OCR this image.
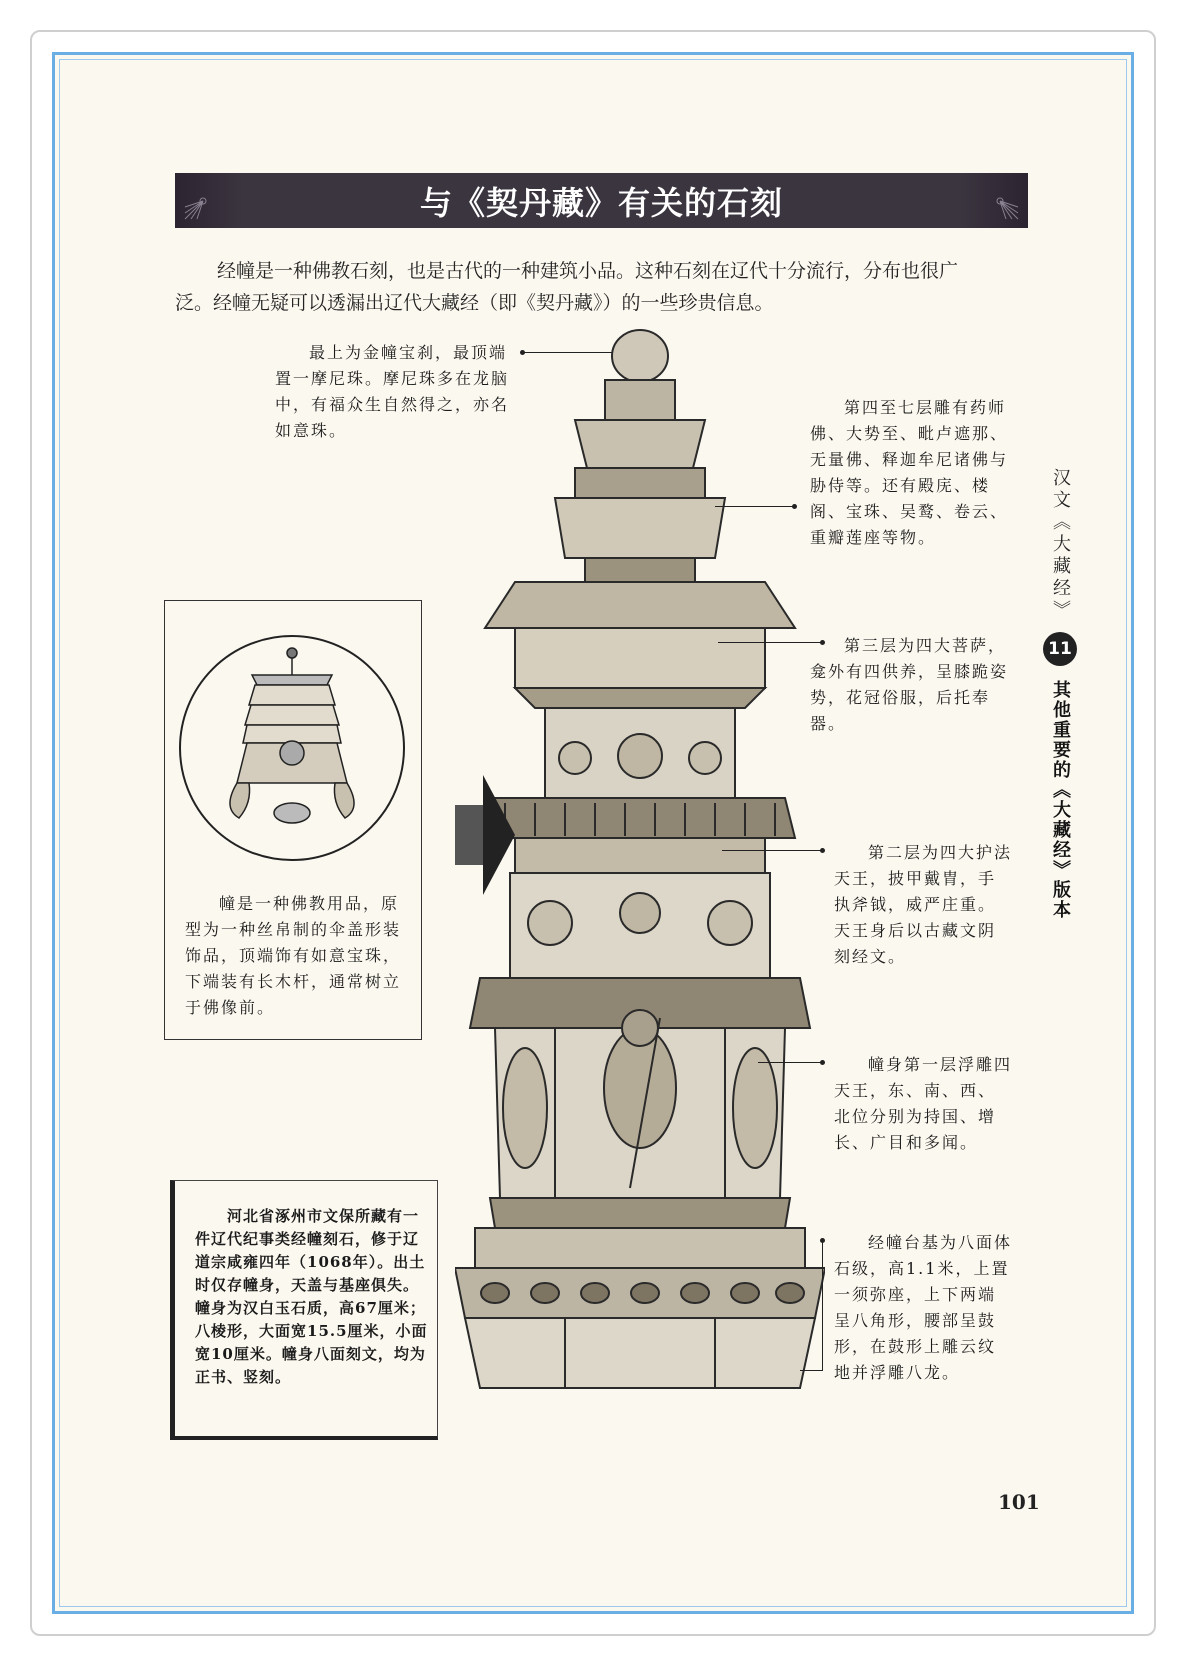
与《契丹藏》有关的石刻

经幢是一种佛教石刻，也是古代的一种建筑小品。这种石刻在辽代十分流行，分布也很广泛。经幢无疑可以透漏出辽代大藏经（即《契丹藏》）的一些珍贵信息。

最上为金幢宝刹，最顶端置一摩尼珠。摩尼珠多在龙脑中，有福众生自然得之，亦名如意珠。

第四至七层雕有药师佛、大势至、毗卢遮那、无量佛、释迦牟尼诸佛与胁侍等。还有殿庑、楼阁、宝珠、吴鹜、卷云、重瓣莲座等物。

第三层为四大菩萨，龛外有四供养，呈膝跪姿势，花冠俗服，后托奉器。

第二层为四大护法天王，披甲戴胄，手执斧钺，威严庄重。天王身后以古藏文阴刻经文。

幢身第一层浮雕四天王，东、南、西、北位分别为持国、增长、广目和多闻。

经幢台基为八面体石级，高1.1米，上置一须弥座，上下两端呈八角形，腰部呈鼓形，在鼓形上雕云纹地并浮雕八龙。

幢是一种佛教用品，原型为一种丝帛制的伞盖形装饰品，顶端饰有如意宝珠，下端装有长木杆，通常树立于佛像前。

河北省涿州市文保所藏有一件辽代纪事类经幢刻石，修于辽道宗咸雍四年（1068年）。出土时仅存幢身，天盖与基座俱失。幢身为汉白玉石质，高67厘米；八棱形，大面宽15.5厘米，小面宽10厘米。幢身八面刻文，均为正书、竖刻。

汉文《大藏经》
11
其他重要的《大藏经》版本
101
